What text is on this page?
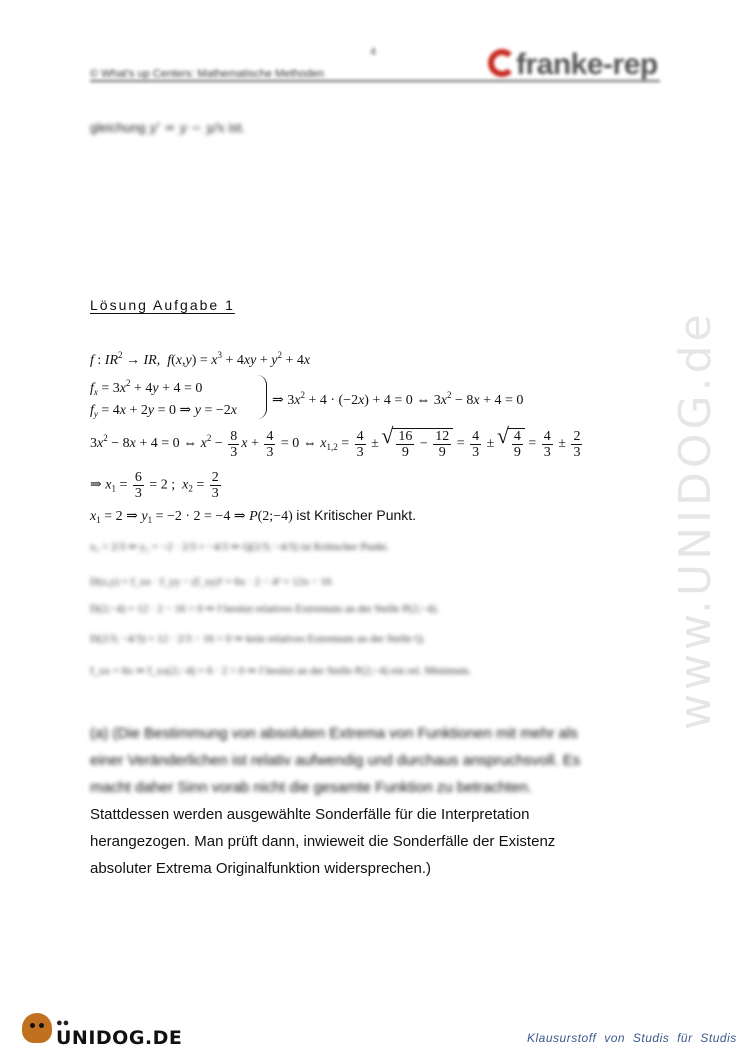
4
© What's up Centers: Mathematische Methoden	franke-rep
gleichung y' = y − y/x ist.
www.UNIDOG.de
Lösung Aufgabe 1
f : $IR^2$ → IR,  $f(x,y) = x^3 + 4xy + y^2 + 4x$
$f_x = 3x^2 + 4y + 4 = 0$
$f_y = 4x + 2y = 0$ ⇒ y = −2x
⇒ $3x^2 + 4 \cdot (-2x) + 4 = 0$ ⇔ $3x^2 - 8x + 4 = 0$
$3x^2 - 8x + 4 = 0$ ⇔ $x^2 - \frac{8}{3}$ $x + \frac{4}{3} = 0$ ⇔ $x_{1,2} = \frac{4}{3}$ ± √ $\frac{16}{9} - \frac{12}{9} = \frac{4}{3}$ ± √ $\frac{4}{9} = \frac{4}{3} \pm \frac{2}{3}$
⇒ $x_1 = \frac{6}{3} = 2$ ;  $x_2 = \frac{2}{3}$
$x_1 = 2$ ⇒ $y_1 = -2 \cdot 2 = -4$ ⇒ P(2;−4) ist Kritischer Punkt.
x₂ = 2/3 ⇒ y₂ = −2 · 2/3 = −4/3 ⇒ Q(2/3; −4/3) ist Kritischer Punkt.
D(x,y) = f_xx · f_yy − (f_xy)² = 6x · 2 − 4² = 12x − 16
D(2;−4) = 12 · 2 − 16 > 0 ⇒ f besitzt relatives Extremum an der Stelle P(2;−4).
D(2/3; −4/3) = 12 · 2/3 − 16 < 0 ⇒ kein relatives Extremum an der Stelle Q.
f_xx = 6x ⇒ f_xx(2;−4) = 6 · 2 > 0 ⇒ f besitzt an der Stelle P(2;−4) ein rel. Minimum.
(a) (Die Bestimmung von absoluten Extrema von Funktionen mit mehr als
einer Veränderlichen ist relativ aufwendig und durchaus anspruchsvoll. Es
macht daher Sinn vorab nicht die gesamte Funktion zu betrachten.
Stattdessen werden ausgewählte Sonderfälle für die Interpretation
herangezogen. Man prüft dann, inwieweit die Sonderfälle der Existenz
absoluter Extrema Originalfunktion widersprechen.)
●●
UNIDOG.DE	Klausurstoff von Studis für Studis
